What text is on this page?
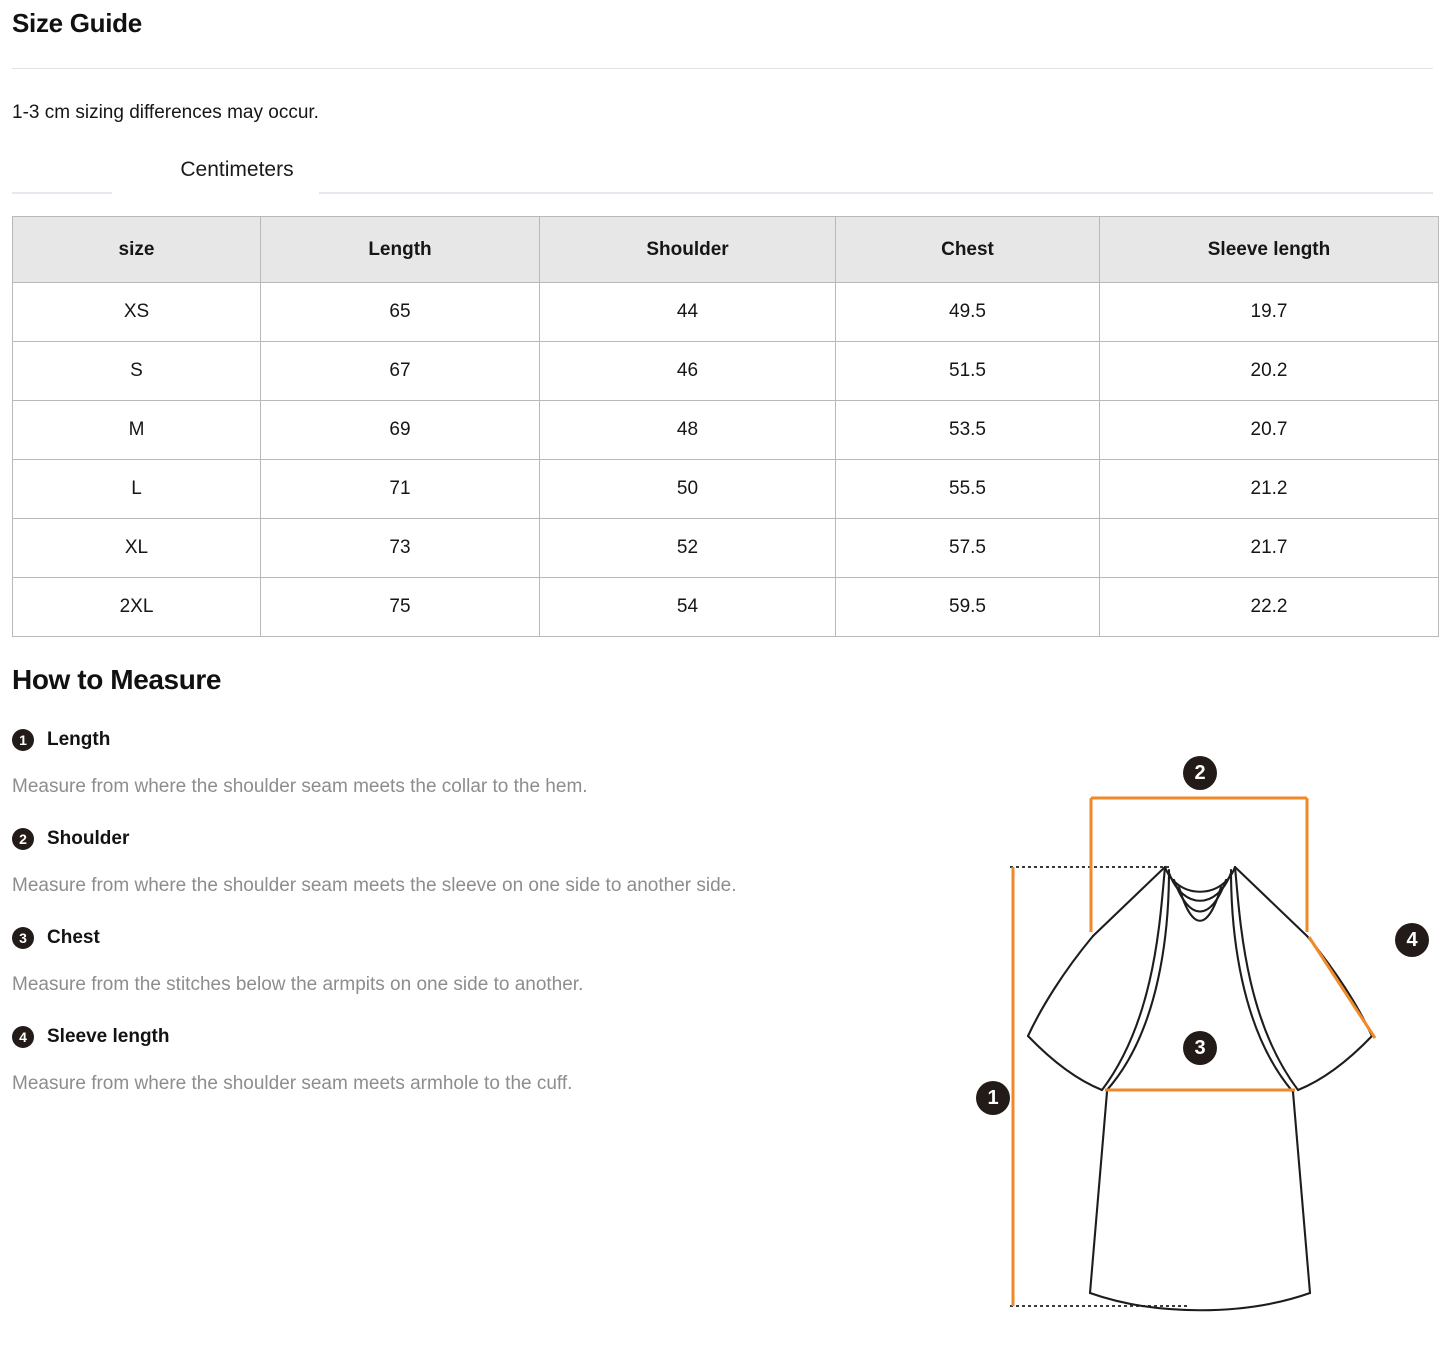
Size Guide
1-3 cm sizing differences may occur.
Centimeters
size	Length	Shoulder	Chest	Sleeve length
XS	65	44	49.5	19.7
S	67	46	51.5	20.2
M	69	48	53.5	20.7
L	71	50	55.5	21.2
XL	73	52	57.5	21.7
2XL	75	54	59.5	22.2
How to Measure
1	Length
Measure from where the shoulder seam meets the collar to the hem.
2	Shoulder
Measure from where the shoulder seam meets the sleeve on one side to another side.
3	Chest
Measure from the stitches below the armpits on one side to another.
4	Sleeve length
Measure from where the shoulder seam meets armhole to the cuff.
2
4
3
1
